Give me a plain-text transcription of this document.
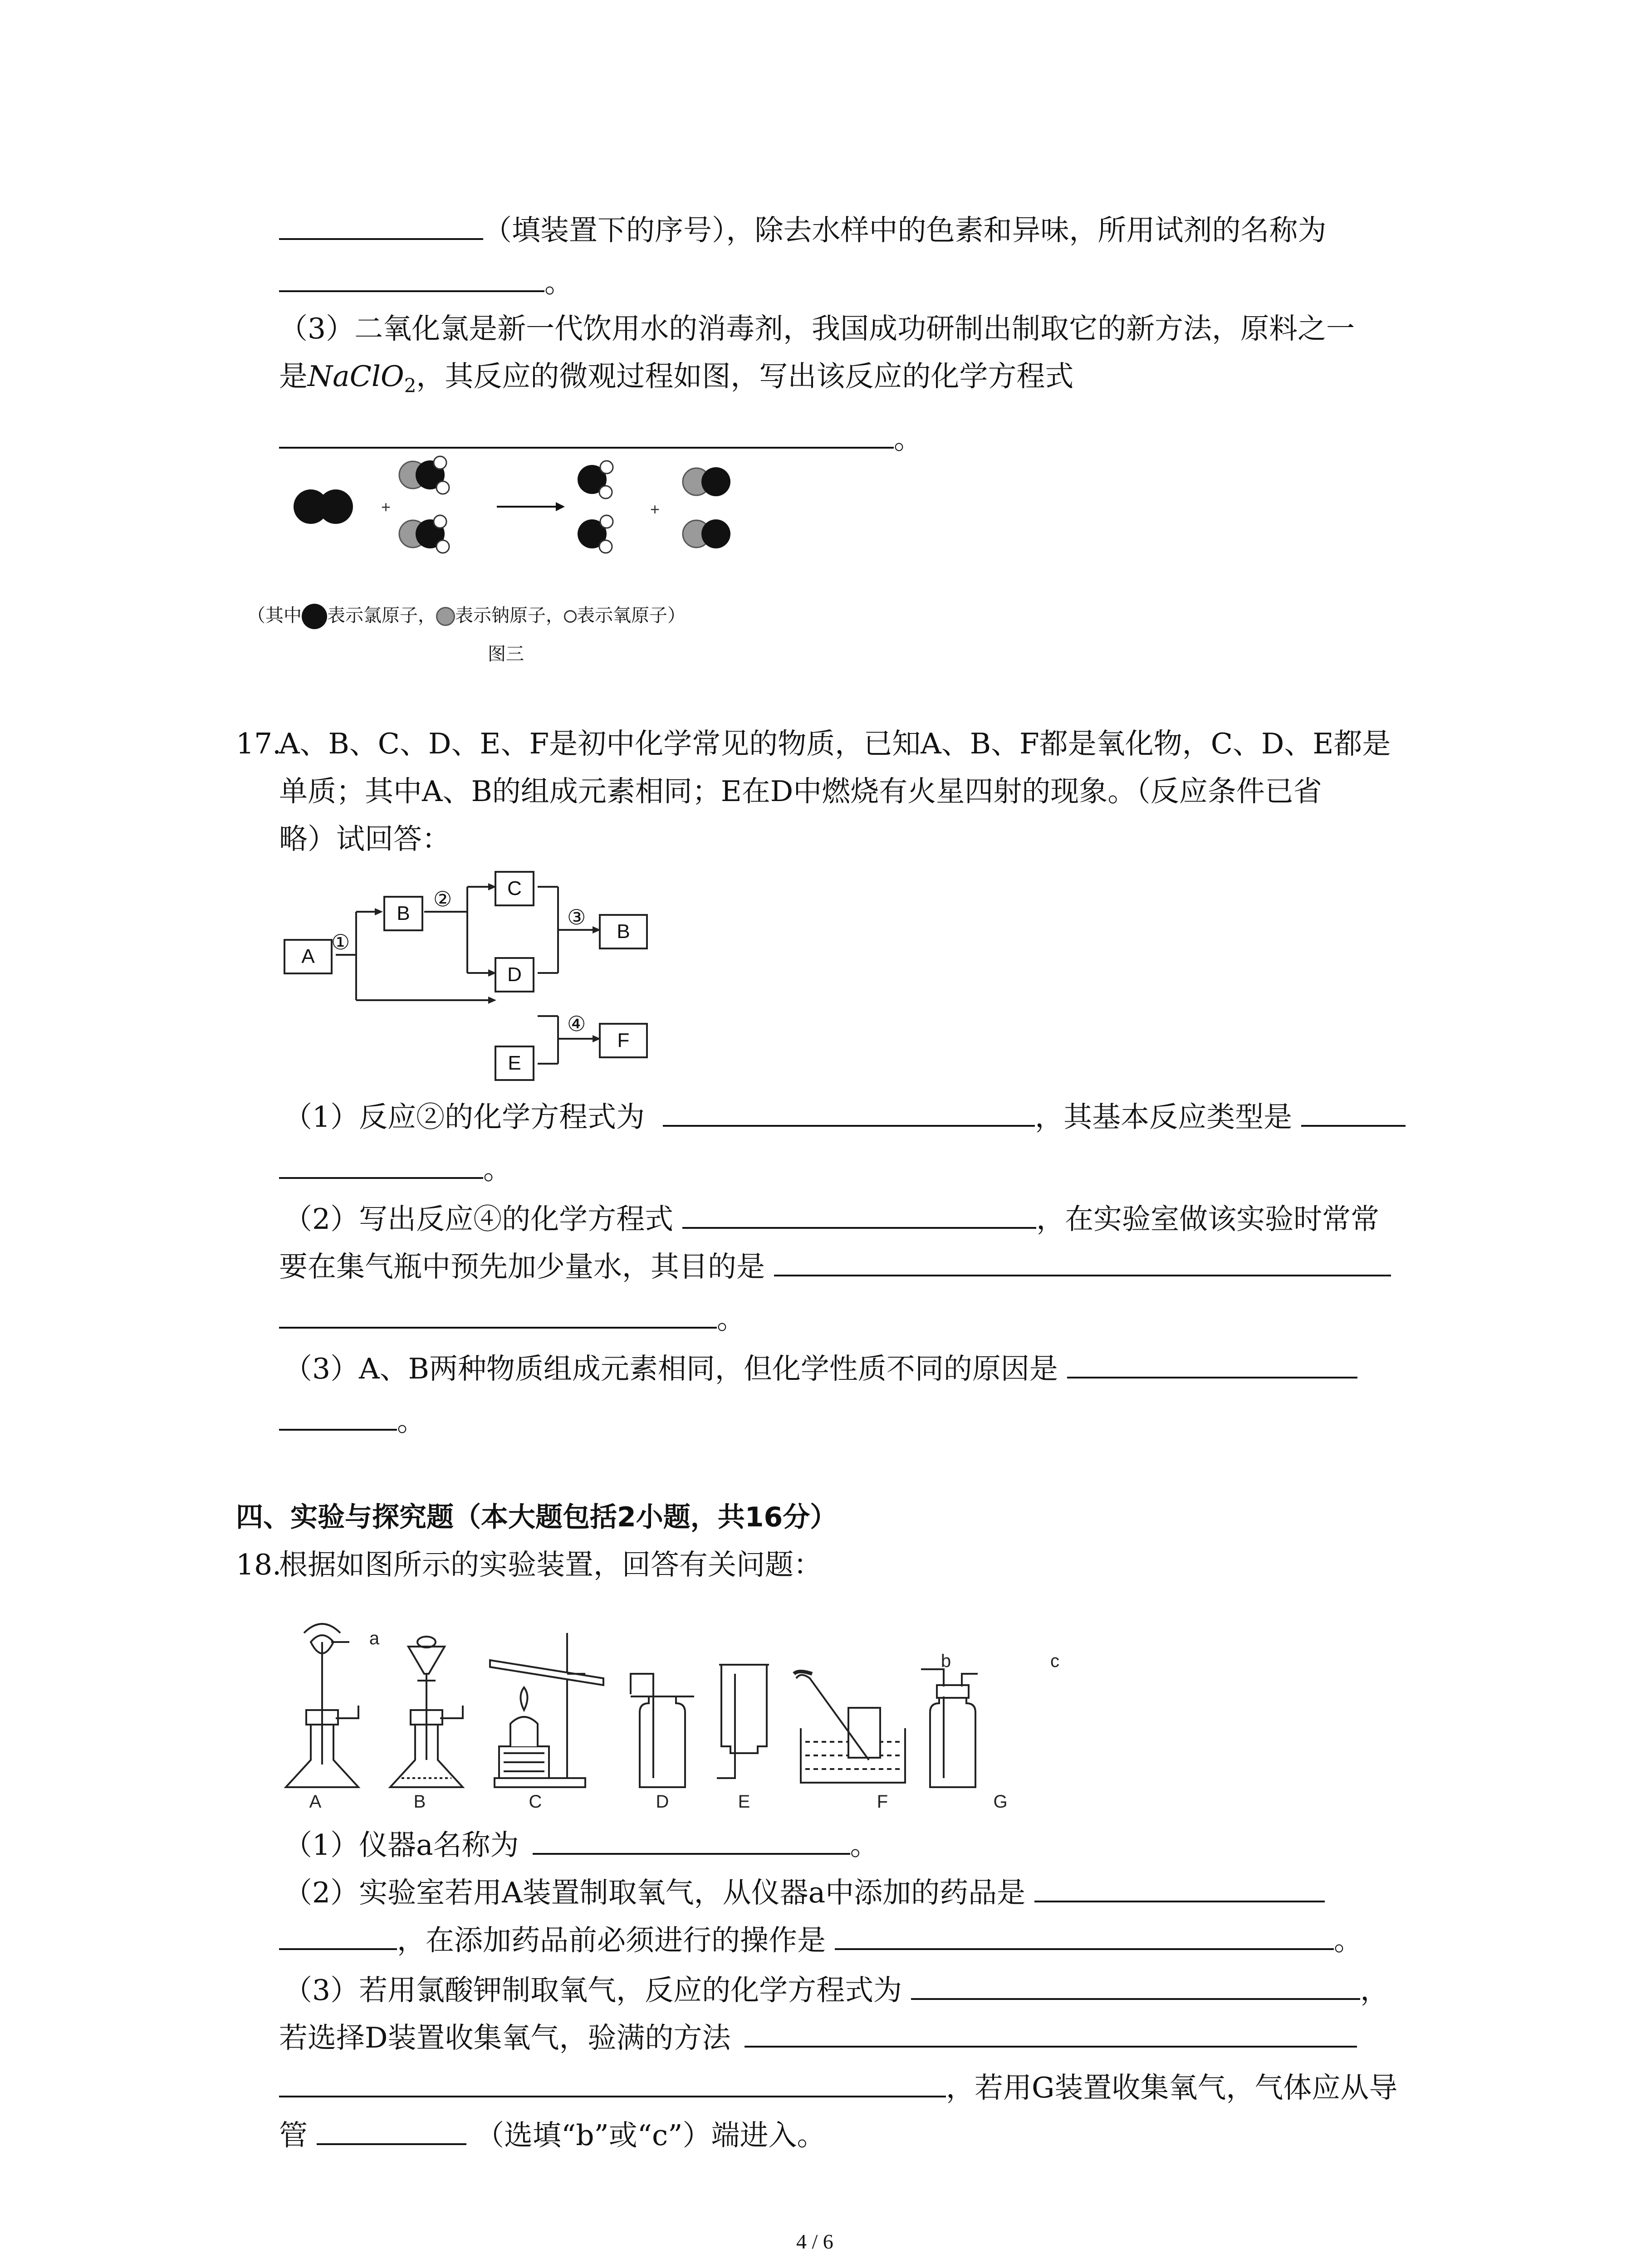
（填装置下的序号），除去水样中的色素和异味，所用试剂的名称为
。
（3）二氧化氯是新一代饮用水的消毒剂，我国成功研制出制取它的新方法，原料之一
是NaClO$_2$，其反应的微观过程如图，写出该反应的化学方程式
。
+	+
（其中 表示氯原子， 表示钠原子， 表示氧原子）
图三
17.
A、B、C、D、E、F是初中化学常见的物质，已知A、B、F都是氧化物，C、D、E都是
单质；其中A、B的组成元素相同；E在D中燃烧有火星四射的现象。（反应条件已省
略）试回答：
A
B
C
D
B
F
E
①
②
③
④
（1）反应②的化学方程式为	，其基本反应类型是
。
（2）写出反应④的化学方程式	，在实验室做该实验时常常
要在集气瓶中预先加少量水，其目的是
。
（3）A、B两种物质组成元素相同，但化学性质不同的原因是
。
四、实验与探究题（本大题包括2小题，共16分）
18.
根据如图所示的实验装置，回答有关问题：
a
b	c
A	B	C	D	E	F	G
（1）仪器a名称为	。
（2）实验室若用A装置制取氧气，从仪器a中添加的药品是
，在添加药品前必须进行的操作是	。
（3）若用氯酸钾制取氧气，反应的化学方程式为	，
若选择D装置收集氧气，验满的方法
，若用G装置收集氧气，气体应从导
管	（选填“b”或“c”）端进入。
4 / 6
